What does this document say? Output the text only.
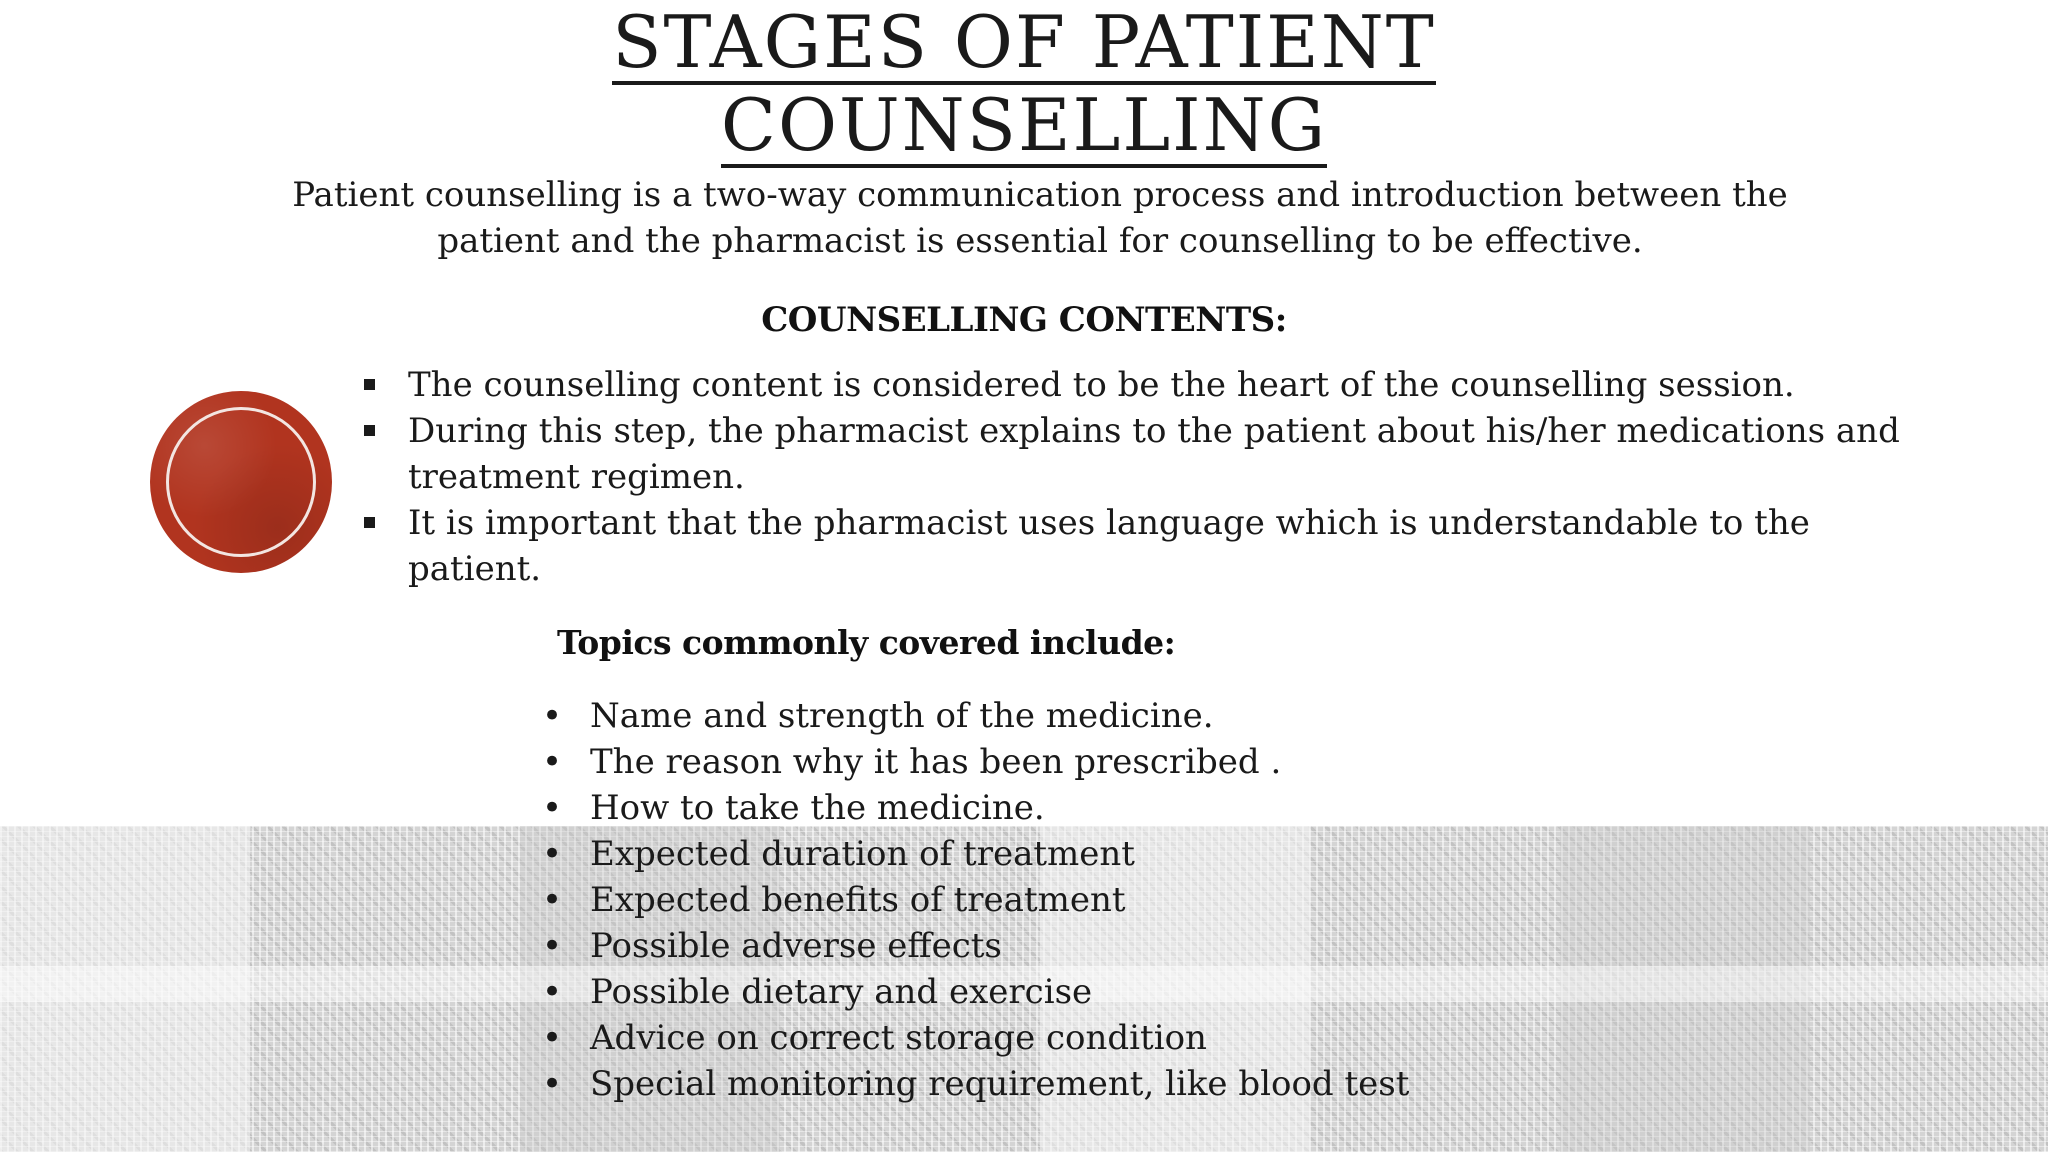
STAGES OF PATIENT
COUNSELLING

Patient counselling is a two-way communication process and introduction between the patient and the pharmacist is essential for counselling to be effective.

COUNSELLING CONTENTS:
The counselling content is considered to be the heart of the counselling session.
During this step, the pharmacist explains to the patient about his/her medications and treatment regimen.
It is important that the pharmacist uses language which is understandable to the patient.
Topics commonly covered include:
• Name and strength of the medicine.
• The reason why it has been prescribed .
• How to take the medicine.
• Expected duration of treatment
• Expected benefits of treatment
• Possible adverse effects
• Possible dietary and exercise
• Advice on correct storage condition
• Special monitoring requirement, like blood test
